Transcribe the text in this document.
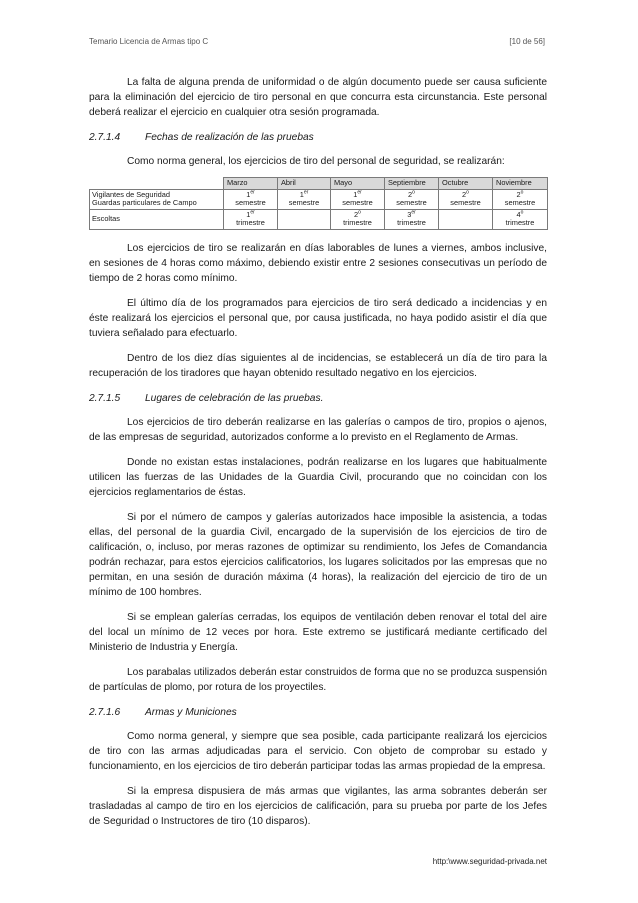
Temario Licencia de Armas tipo C	[10 de 56]

La falta de alguna prenda de uniformidad o de algún documento puede ser causa suficiente para la eliminación del ejercicio de tiro personal en que concurra esta circunstancia. Este personal deberá realizar el ejercicio en cualquier otra sesión programada.

2.7.1.4 Fechas de realización de las pruebas

Como norma general, los ejercicios de tiro del personal de seguridad, se realizarán:

	Marzo	Abril	Mayo	Septiembre	Octubre	Noviembre

Vigilantes de Seguridad
Guardas particulares de Campo	1er
semestre	1er
semestre	1er
semestre	2$^o$
semestre	2$^o$
semestre	2$^o$
semestre

Escoltas	1er
trimestre		2$^o$
trimestre	3er
trimestre		4$^o$
trimestre

Los ejercicios de tiro se realizarán en días laborables de lunes a viernes, ambos inclusive, en sesiones de 4 horas como máximo, debiendo existir entre 2 sesiones consecutivas un período de tiempo de 2 horas como mínimo.

El último día de los programados para ejercicios de tiro será dedicado a incidencias y en éste realizará los ejercicios el personal que, por causa justificada, no haya podido asistir el día que tuviera señalado para efectuarlo.

Dentro de los diez días siguientes al de incidencias, se establecerá un día de tiro para la recuperación de los tiradores que hayan obtenido resultado negativo en los ejercicios.

2.7.1.5 Lugares de celebración de las pruebas.

Los ejercicios de tiro deberán realizarse en las galerías o campos de tiro, propios o ajenos, de las empresas de seguridad, autorizados conforme a lo previsto en el Reglamento de Armas.

Donde no existan estas instalaciones, podrán realizarse en los lugares que habitualmente utilicen las fuerzas de las Unidades de la Guardia Civil, procurando que no coincidan con los ejercicios reglamentarios de éstas.

Si por el número de campos y galerías autorizados hace imposible la asistencia, a todas ellas, del personal de la guardia Civil, encargado de la supervisión de los ejercicios de tiro de calificación, o, incluso, por meras razones de optimizar su rendimiento, los Jefes de Comandancia podrán rechazar, para estos ejercicios calificatorios, los lugares solicitados por las empresas que no permitan, en una sesión de duración máxima (4 horas), la realización del ejercicio de tiro de un mínimo de 100 hombres.

Si se emplean galerías cerradas, los equipos de ventilación deben renovar el total del aire del local un mínimo de 12 veces por hora. Este extremo se justificará mediante certificado del Ministerio de Industria y Energía.

Los parabalas utilizados deberán estar construidos de forma que no se produzca suspensión de partículas de plomo, por rotura de los proyectiles.

2.7.1.6 Armas y Municiones

Como norma general, y siempre que sea posible, cada participante realizará los ejercicios de tiro con las armas adjudicadas para el servicio. Con objeto de comprobar su estado y funcionamiento, en los ejercicios de tiro deberán participar todas las armas propiedad de la empresa.

Si la empresa dispusiera de más armas que vigilantes, las arma sobrantes deberán ser trasladadas al campo de tiro en los ejercicios de calificación, para su prueba por parte de los Jefes de Seguridad o Instructores de tiro (10 disparos).

http:\www.seguridad-privada.net
